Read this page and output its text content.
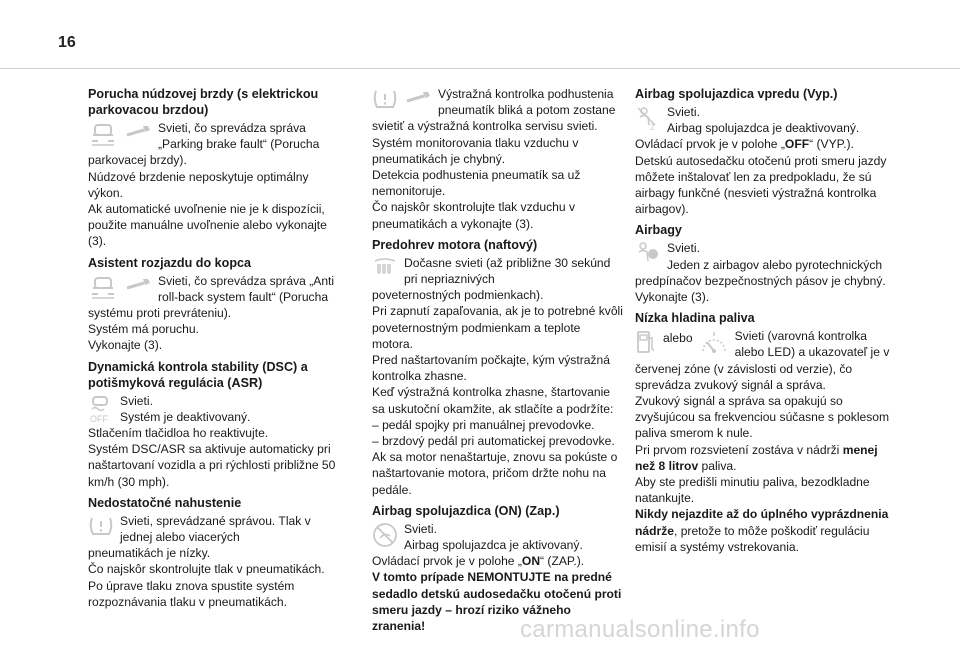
16
Porucha núdzovej brzdy (s elektrickou parkovacou brzdou)
Svieti, čo sprevádza správa „Parking brake fault“ (Porucha

parkovacej brzdy).

Núdzové brzdenie neposkytuje optimálny výkon.

Ak automatické uvoľnenie nie je k dispozícii, použite manuálne uvoľnenie alebo vykonajte (3).

Asistent rozjazdu do kopca
Svieti, čo sprevádza správa „Anti roll-back system fault“ (Porucha

systému proti prevráteniu).

Systém má poruchu.

Vykonajte (3).

Dynamická kontrola stability (DSC) a potišmyková regulácia (ASR)
OFF
Svieti.
Systém je deaktivovaný.

Stlačením tlačidloa ho reaktivujte.

Systém DSC/ASR sa aktivuje automaticky pri naštartovaní vozidla a pri rýchlosti približne 50 km/h (30 mph).

Nedostatočné nahustenie
Svieti, sprevádzané správou. Tlak v jednej alebo viacerých

pneumatikách je nízky.

Čo najskôr skontrolujte tlak v pneumatikách.

Po úprave tlaku znova spustite systém rozpoznávania tlaku v pneumatikách.

Výstražná kontrolka podhustenia pneumatík bliká a potom zostane

svietiť a výstražná kontrolka servisu svieti.

Systém monitorovania tlaku vzduchu v pneumatikách je chybný.

Detekcia podhustenia pneumatík sa už nemonitoruje.

Čo najskôr skontrolujte tlak vzduchu v pneumatikách a vykonajte (3).

Predohrev motora (naftový)
Dočasne svieti (až približne 30 sekúnd pri nepriaznivých

poveternostných podmienkach).

Pri zapnutí zapaľovania, ak je to potrebné kvôli poveternostným podmienkam a teplote motora.

Pred naštartovaním počkajte, kým výstražná kontrolka zhasne.

Keď výstražná kontrolka zhasne, štartovanie sa uskutoční okamžite, ak stlačíte a podržíte:

– pedál spojky pri manuálnej prevodovke.
– brzdový pedál pri automatickej prevodovke.

Ak sa motor nenaštartuje, znovu sa pokúste o naštartovanie motora, pričom držte nohu na pedále.

Airbag spolujazdica (ON) (Zap.)
Svieti.
Airbag spolujazdca je aktivovaný.

Ovládací prvok je v polohe „ON“ (ZAP.).

V tomto prípade NEMONTUJTE na predné sedadlo detskú audosedačku otočenú proti smeru jazdy – hrozí riziko vážneho zranenia!

Airbag spolujazdica vpredu (Vyp.)
2
Svieti.
Airbag spolujazdca je deaktivovaný.

Ovládací prvok je v polohe „OFF“ (VYP.).

Detskú autosedačku otočenú proti smeru jazdy môžete inštalovať len za predpokladu, že sú airbagy funkčné (nesvieti výstražná kontrolka airbagov).

Airbagy
Svieti.
Jeden z airbagov alebo pyrotechnických

predpínačov bezpečnostných pásov je chybný.

Vykonajte (3).

Nízka hladina paliva
alebo	Svieti (varovná kontrolka alebo LED) a ukazovateľ je v

červenej zóne (v závislosti od verzie), čo sprevádza zvukový signál a správa.

Zvukový signál a správa sa opakujú so zvyšujúcou sa frekvenciou súčasne s poklesom paliva smerom k nule.

Pri prvom rozsvietení zostáva v nádrži menej než 8 litrov paliva.

Aby ste predišli minutiu paliva, bezodkladne natankujte.

Nikdy nejazdite až do úplného vyprázdnenia nádrže, pretože to môže poškodiť reguláciu emisií a systémy vstrekovania.

carmanualsonline.info
